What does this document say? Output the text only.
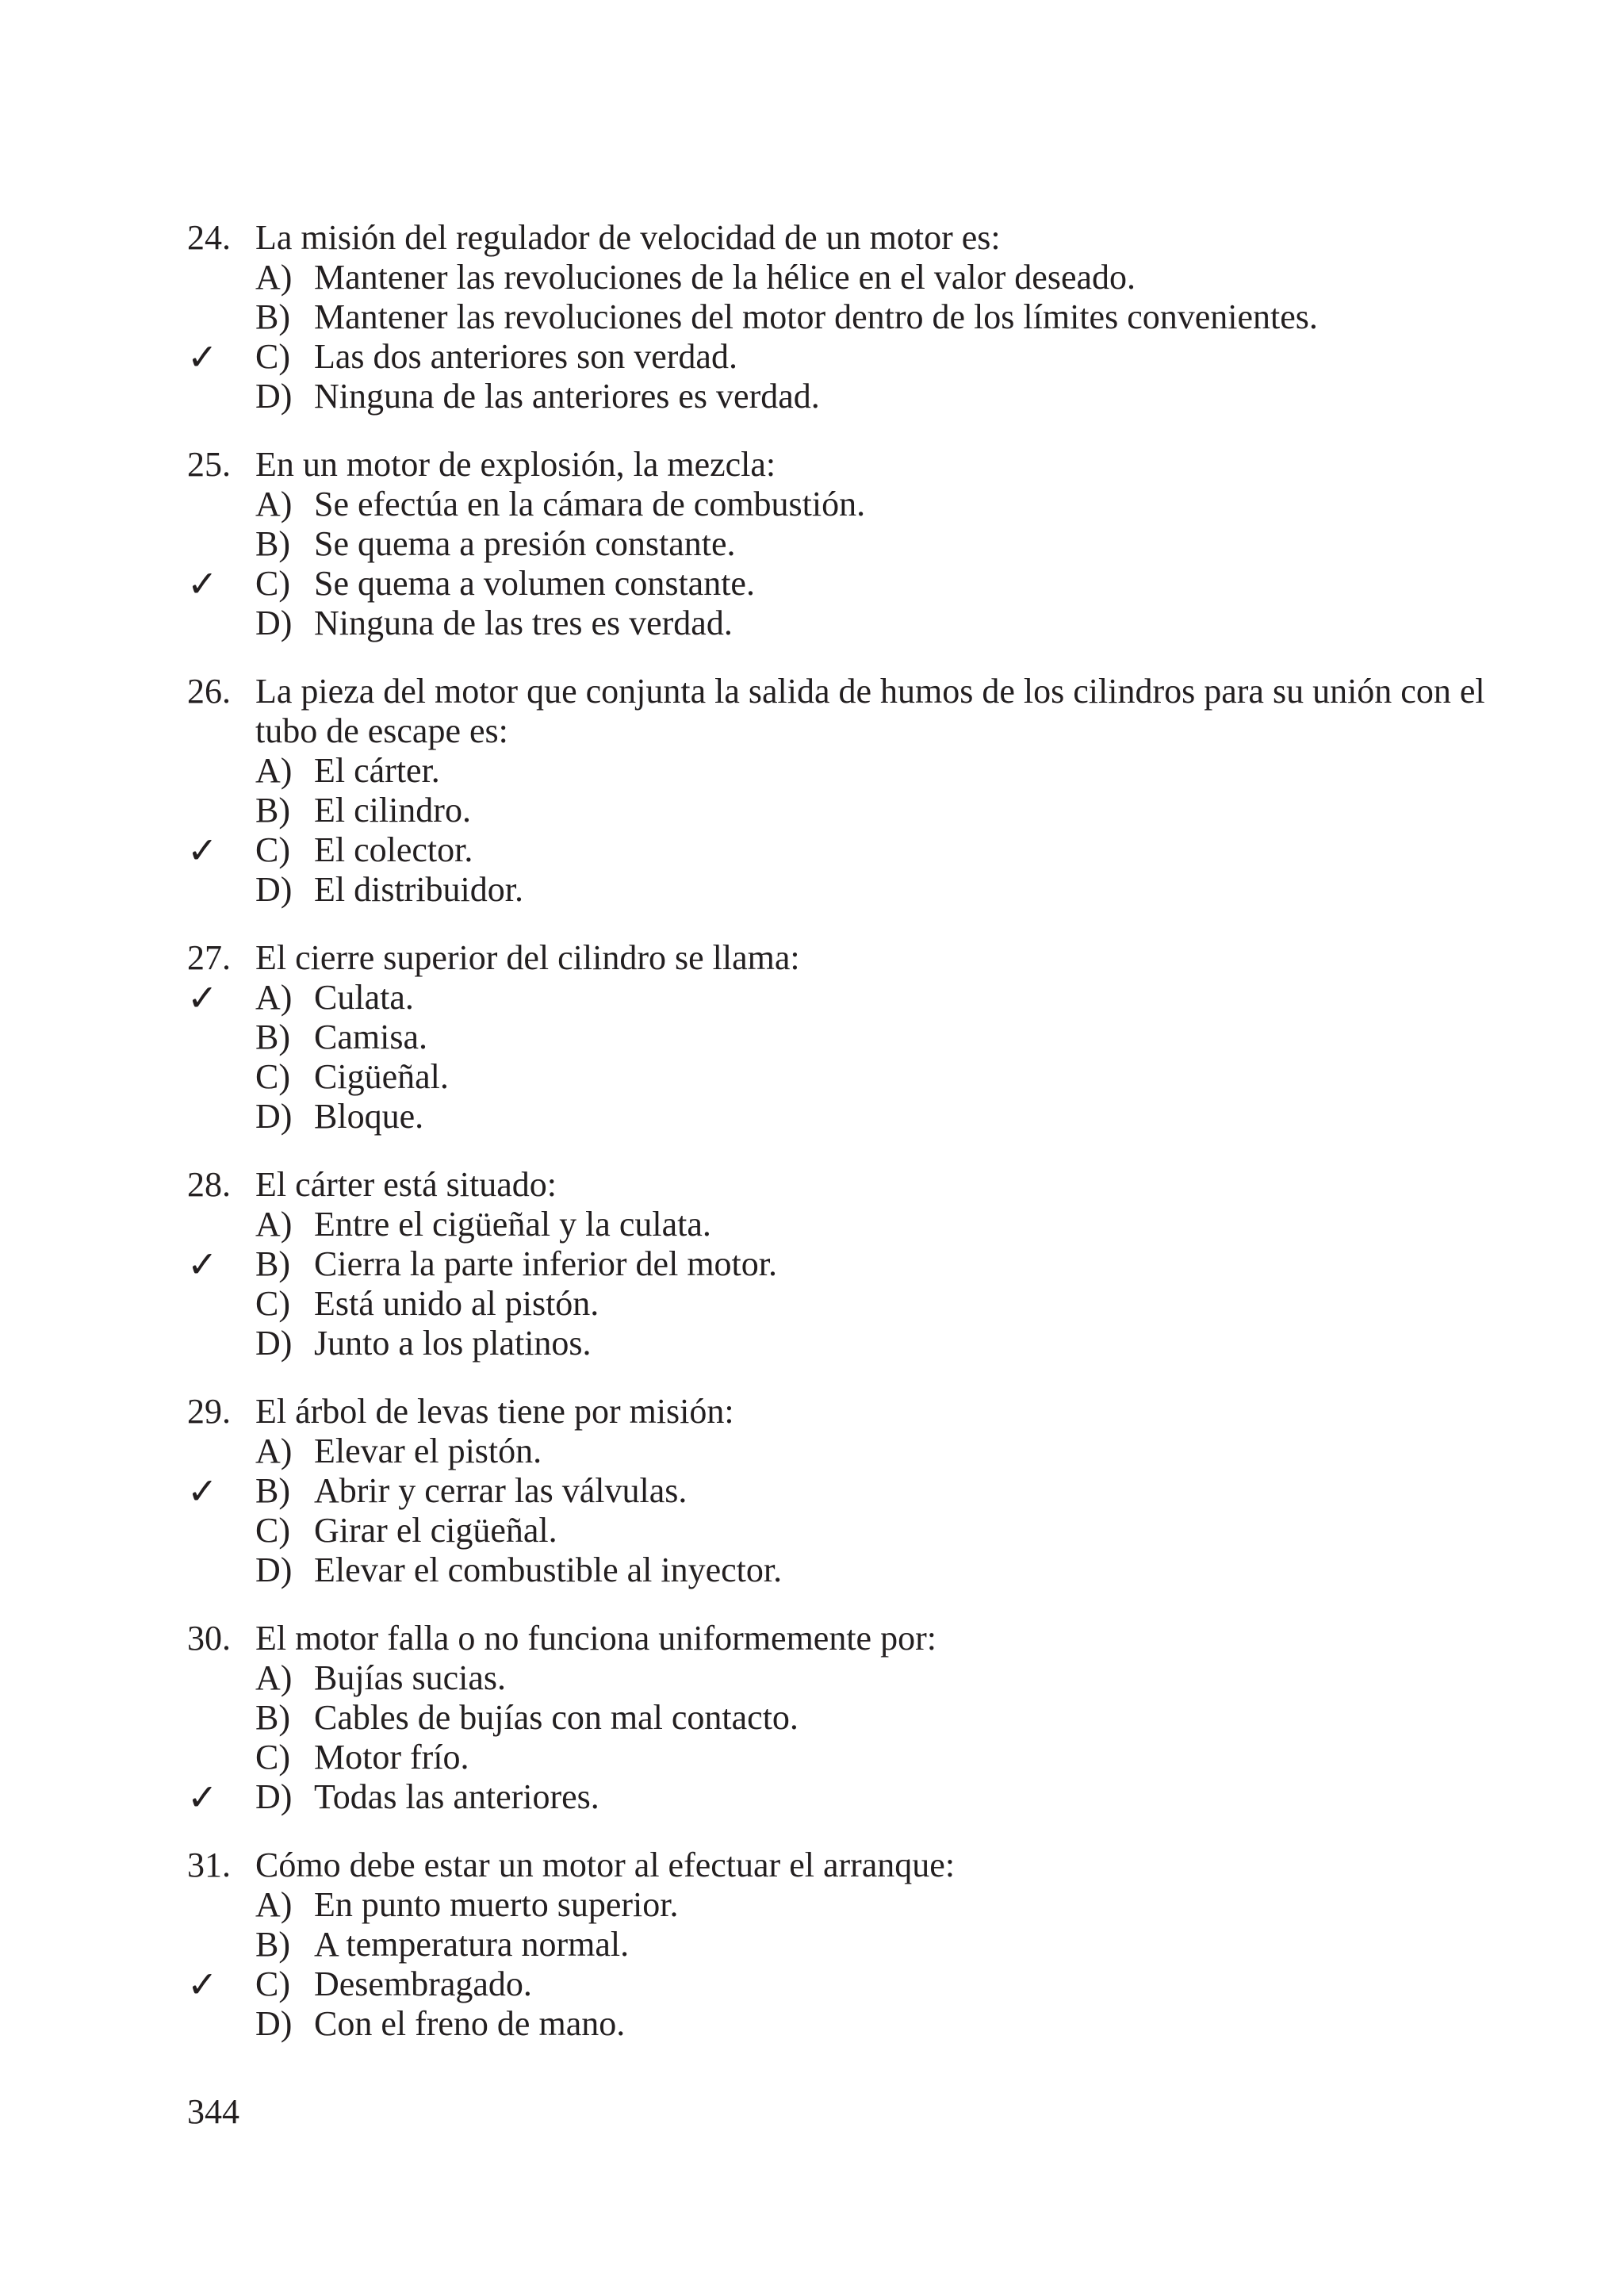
24. La misión del regulador de velocidad de un motor es:
A) Mantener las revoluciones de la hélice en el valor deseado.
B) Mantener las revoluciones del motor dentro de los límites convenientes.
✓ C) Las dos anteriores son verdad.
D) Ninguna de las anteriores es verdad.
25. En un motor de explosión, la mezcla:
A) Se efectúa en la cámara de combustión.
B) Se quema a presión constante.
✓ C) Se quema a volumen constante.
D) Ninguna de las tres es verdad.
26. La pieza del motor que conjunta la salida de humos de los cilindros para su unión con el tubo de escape es:
A) El cárter.
B) El cilindro.
✓ C) El colector.
D) El distribuidor.
27. El cierre superior del cilindro se llama:
✓ A) Culata.
B) Camisa.
C) Cigüeñal.
D) Bloque.
28. El cárter está situado:
A) Entre el cigüeñal y la culata.
✓ B) Cierra la parte inferior del motor.
C) Está unido al pistón.
D) Junto a los platinos.
29. El árbol de levas tiene por misión:
A) Elevar el pistón.
✓ B) Abrir y cerrar las válvulas.
C) Girar el cigüeñal.
D) Elevar el combustible al inyector.
30. El motor falla o no funciona uniformemente por:
A) Bujías sucias.
B) Cables de bujías con mal contacto.
C) Motor frío.
✓ D) Todas las anteriores.
31. Cómo debe estar un motor al efectuar el arranque:
A) En punto muerto superior.
B) A temperatura normal.
✓ C) Desembragado.
D) Con el freno de mano.
344
